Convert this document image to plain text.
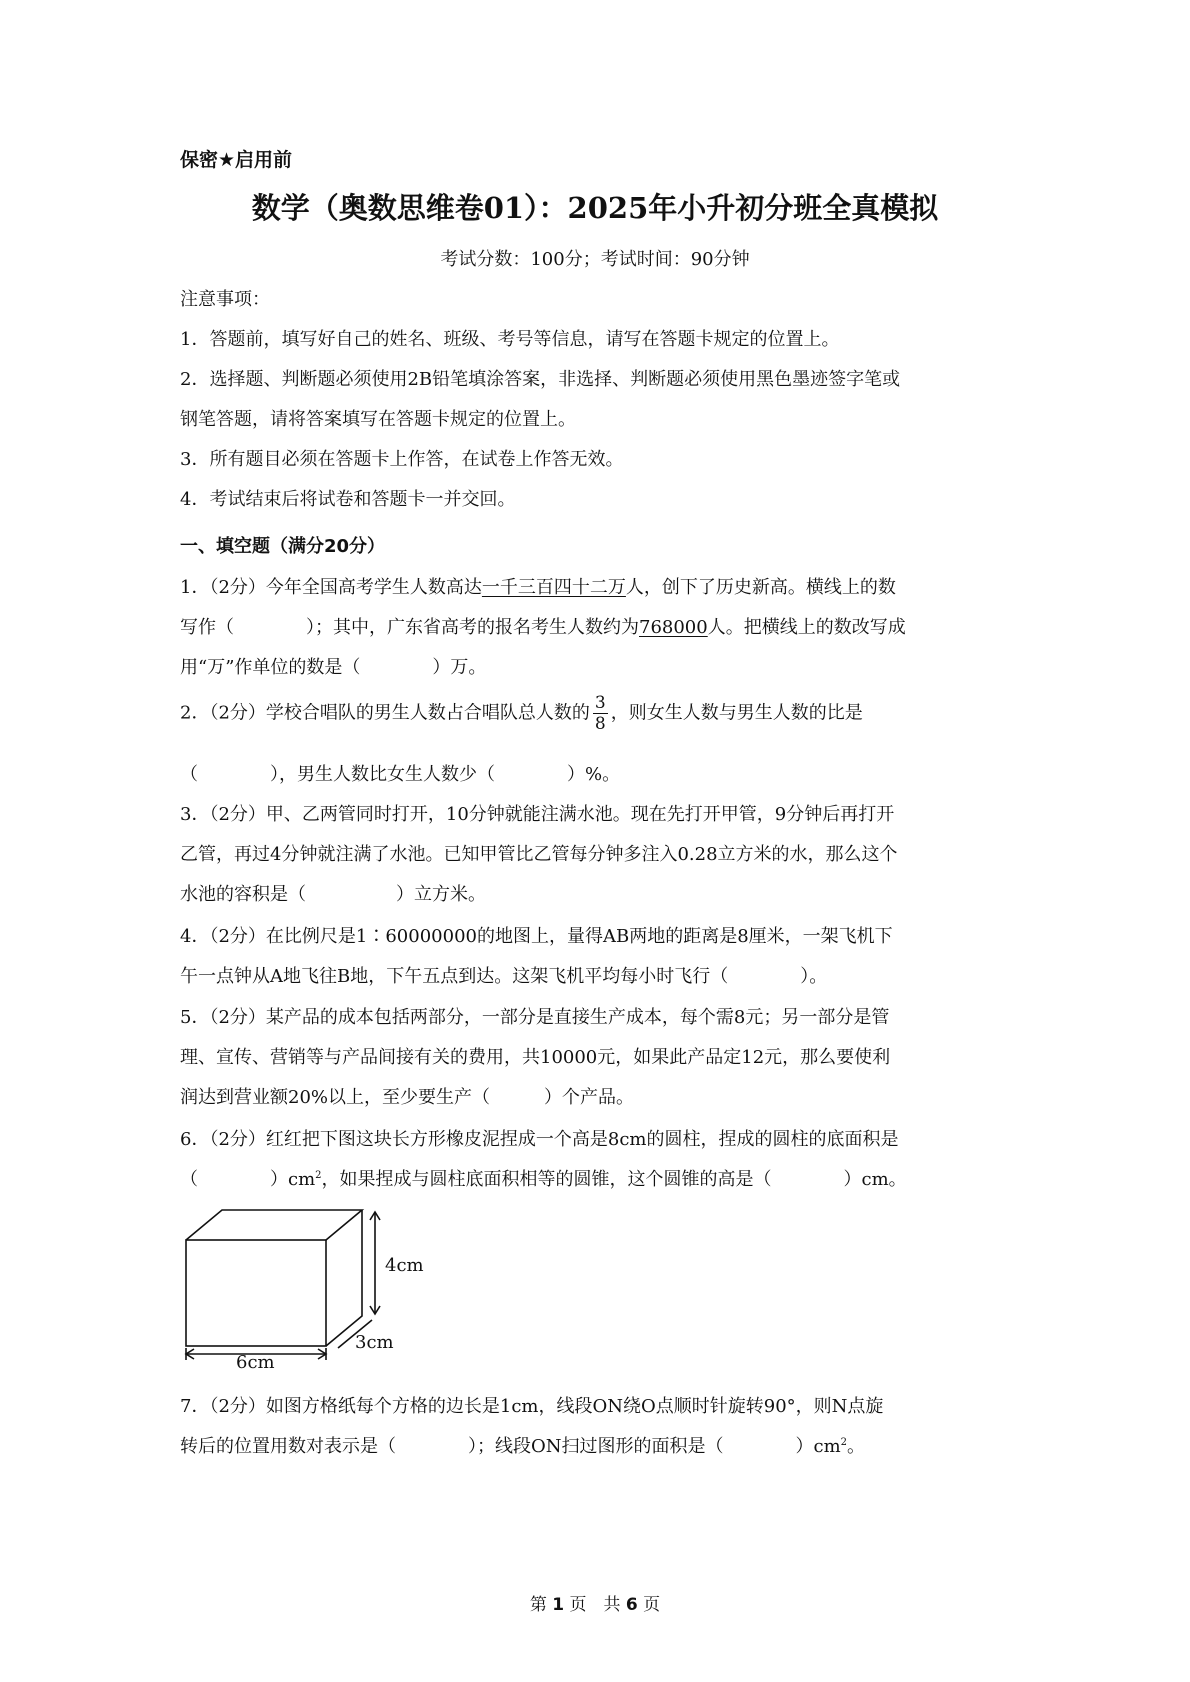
保密★启用前
数学（奥数思维卷01）：2025年小升初分班全真模拟
考试分数：100分；考试时间：90分钟
注意事项：
1．答题前，填写好自己的姓名、班级、考号等信息，请写在答题卡规定的位置上。
2．选择题、判断题必须使用2B铅笔填涂答案，非选择、判断题必须使用黑色墨迹签字笔或
钢笔答题，请将答案填写在答题卡规定的位置上。
3．所有题目必须在答题卡上作答，在试卷上作答无效。
4．考试结束后将试卷和答题卡一并交回。
一、填空题（满分20分）
1．（2分）今年全国高考学生人数高达一千三百四十二万人，创下了历史新高。横线上的数
写作（　　　　）；其中，广东省高考的报名考生人数约为768000人。把横线上的数改写成
用“万”作单位的数是（　　　　）万。
2．（2分）学校合唱队的男生人数占合唱队总人数的 $\frac{3}{8}$ ，则女生人数与男生人数的比是
（　　　　），男生人数比女生人数少（　　　　）%。
3．（2分）甲、乙两管同时打开，10分钟就能注满水池。现在先打开甲管，9分钟后再打开
乙管，再过4分钟就注满了水池。已知甲管比乙管每分钟多注入0.28立方米的水，那么这个
水池的容积是（　　　　　）立方米。
4．（2分）在比例尺是1∶60000000的地图上，量得AB两地的距离是8厘米，一架飞机下
午一点钟从A地飞往B地，下午五点到达。这架飞机平均每小时飞行（　　　　）。
5．（2分）某产品的成本包括两部分，一部分是直接生产成本，每个需8元；另一部分是管
理、宣传、营销等与产品间接有关的费用，共10000元，如果此产品定12元，那么要使利
润达到营业额20%以上，至少要生产（　　　）个产品。
6．（2分）红红把下图这块长方形橡皮泥捏成一个高是8cm的圆柱，捏成的圆柱的底面积是
（　　　　）$cm^2$，如果捏成与圆柱底面积相等的圆锥，这个圆锥的高是（　　　　）cm。
4cm
3cm
6cm
7．（2分）如图方格纸每个方格的边长是1cm，线段ON绕O点顺时针旋转90°，则N点旋
转后的位置用数对表示是（　　　　）；线段ON扫过图形的面积是（　　　　）$cm^2$。
第 1 页　共 6 页
